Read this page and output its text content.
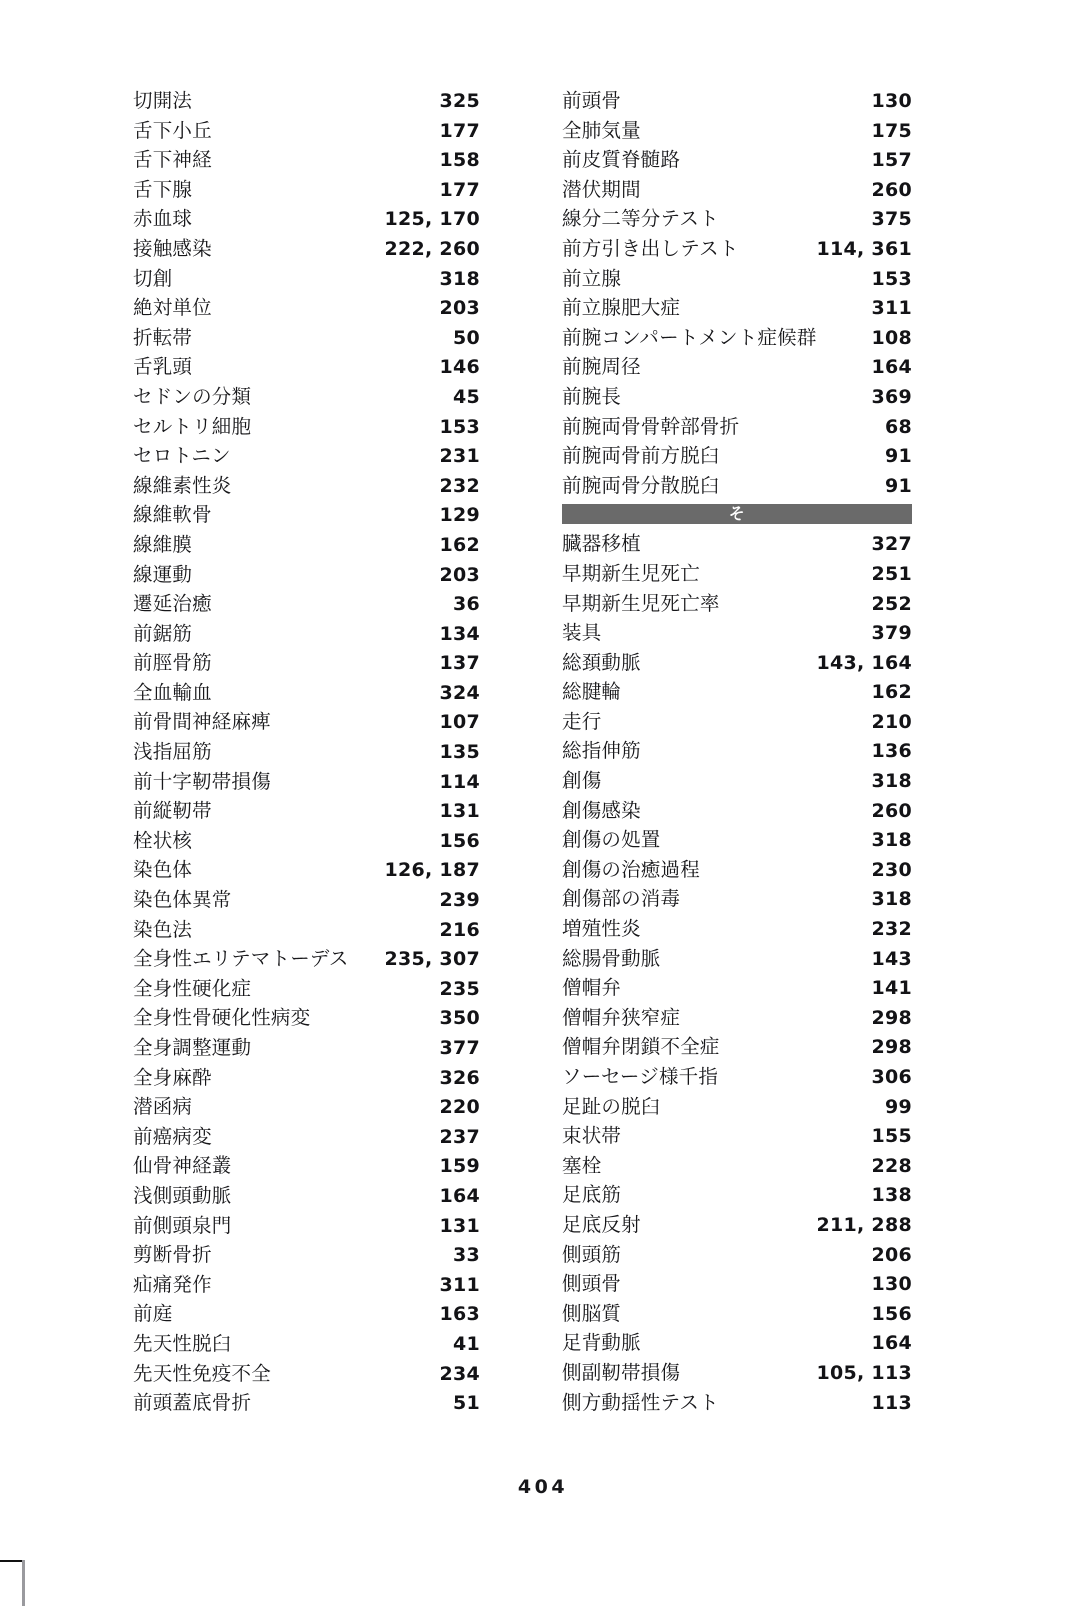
切開法 ·····	325
舌下小丘 ·····	177
舌下神経 ·····	158
舌下腺 ·····	177
赤血球 ·····	125, 170
接触感染 ·····	222, 260
切創 ·····	318
絶対単位 ·····	203
折転帯 ·····	50
舌乳頭 ·····	146
セドンの分類 ·····	45
セルトリ細胞 ·····	153
セロトニン ·····	231
線維素性炎 ·····	232
線維軟骨 ·····	129
線維膜 ·····	162
線運動 ·····	203
遷延治癒 ·····	36
前鋸筋 ·····	134
前脛骨筋 ·····	137
全血輸血 ·····	324
前骨間神経麻痺 ·····	107
浅指屈筋 ·····	135
前十字靭帯損傷 ·····	114
前縦靭帯 ·····	131
栓状核 ·····	156
染色体 ·····	126, 187
染色体異常 ·····	239
染色法 ·····	216
全身性エリテマトーデス ····· 235, 307
全身性硬化症 ·····	235
全身性骨硬化性病変 ·····	350
全身調整運動 ·····	377
全身麻酔 ·····	326
潜函病 ·····	220
前癌病変 ·····	237
仙骨神経叢 ·····	159
浅側頭動脈 ·····	164
前側頭泉門 ·····	131
剪断骨折 ·····	33
疝痛発作 ·····	311
前庭 ·····	163
先天性脱臼 ·····	41
先天性免疫不全 ·····	234
前頭蓋底骨折 ·····	51
前頭骨 ·····	130
全肺気量 ·····	175
前皮質脊髄路 ·····	157
潜伏期間 ·····	260
線分二等分テスト ·····	375
前方引き出しテスト ·····	114, 361
前立腺 ·····	153
前立腺肥大症 ·····	311
前腕コンパートメント症候群 ·····	108
前腕周径 ·····	164
前腕長 ·····	369
前腕両骨骨幹部骨折 ·····	68
前腕両骨前方脱臼 ·····	91
前腕両骨分散脱臼 ·····	91
そ
臓器移植 ·····	327
早期新生児死亡 ·····	251
早期新生児死亡率 ·····	252
装具 ·····	379
総頚動脈 ·····	143, 164
総腱輪 ·····	162
走行 ·····	210
総指伸筋 ·····	136
創傷 ·····	318
創傷感染 ·····	260
創傷の処置 ·····	318
創傷の治癒過程 ·····	230
創傷部の消毒 ·····	318
増殖性炎 ·····	232
総腸骨動脈 ·····	143
僧帽弁 ·····	141
僧帽弁狭窄症 ·····	298
僧帽弁閉鎖不全症 ·····	298
ソーセージ様千指 ·····	306
足趾の脱臼 ·····	99
束状帯 ·····	155
塞栓 ·····	228
足底筋 ·····	138
足底反射 ·····	211, 288
側頭筋 ·····	206
側頭骨 ·····	130
側脳質 ·····	156
足背動脈 ·····	164
側副靭帯損傷 ·····	105, 113
側方動揺性テスト ·····	113
404
